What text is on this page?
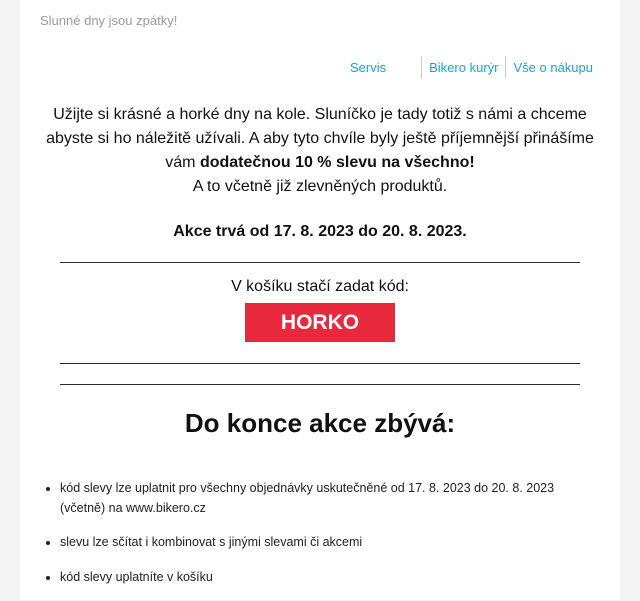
Slunné dny jsou zpátky!
Servis	Bikero kurýr Vše o nákupu
Užijte si krásné a horké dny na kole. Sluníčko je tady totiž s námi a chceme abyste si ho náležitě užívali. A aby tyto chvíle byly ještě příjemnější přinášíme vám dodatečnou 10 % slevu na všechno!
A to včetně již zlevněných produktů.
Akce trvá od 17. 8. 2023 do 20. 8. 2023.
V košíku stačí zadat kód:
HORKO
Do konce akce zbývá:
• kód slevy lze uplatnit pro všechny objednávky uskutečněné od 17. 8. 2023 do 20. 8. 2023 (včetně) na www.bikero.cz
• slevu lze sčítat i kombinovat s jinými slevami či akcemi
• kód slevy uplatníte v košíku
